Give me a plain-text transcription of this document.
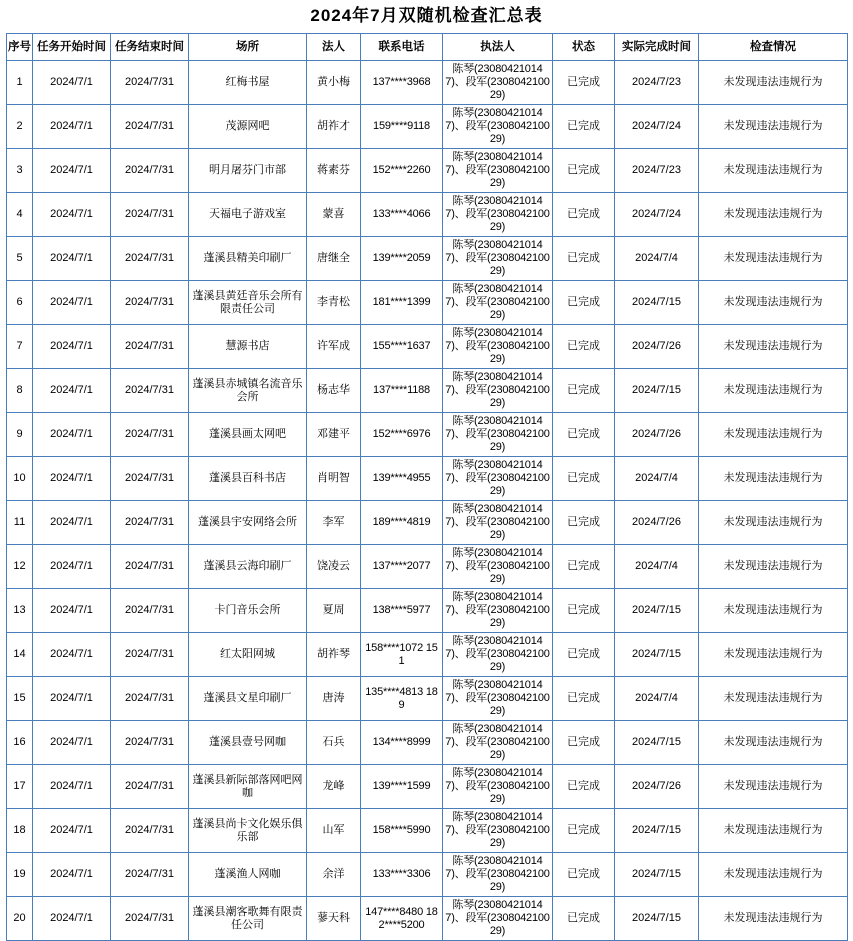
2024年7月双随机检查汇总表
序号	任务开始时间	任务结束时间	场所	法人	联系电话	执法人	状态	实际完成时间	检查情况
1	2024/7/1	2024/7/31	红梅书屋	黄小梅	137****3968	陈琴(230804210147)、段军(230804210029)	已完成	2024/7/23	未发现违法违规行为
2	2024/7/1	2024/7/31	茂源网吧	胡祚才	159****9118	陈琴(230804210147)、段军(230804210029)	已完成	2024/7/24	未发现违法违规行为
3	2024/7/1	2024/7/31	明月屠芬门市部	蒋素芬	152****2260	陈琴(230804210147)、段军(230804210029)	已完成	2024/7/23	未发现违法违规行为
4	2024/7/1	2024/7/31	天福电子游戏室	蒙喜	133****4066	陈琴(230804210147)、段军(230804210029)	已完成	2024/7/24	未发现违法违规行为
5	2024/7/1	2024/7/31	蓬溪县精美印刷厂	唐继全	139****2059	陈琴(230804210147)、段军(230804210029)	已完成	2024/7/4	未发现违法违规行为
6	2024/7/1	2024/7/31	蓬溪县黄廷音乐会所有限责任公司	李青松	181****1399	陈琴(230804210147)、段军(230804210029)	已完成	2024/7/15	未发现违法违规行为
7	2024/7/1	2024/7/31	慧源书店	许军成	155****1637	陈琴(230804210147)、段军(230804210029)	已完成	2024/7/26	未发现违法违规行为
8	2024/7/1	2024/7/31	蓬溪县赤城镇名流音乐会所	杨志华	137****1188	陈琴(230804210147)、段军(230804210029)	已完成	2024/7/15	未发现违法违规行为
9	2024/7/1	2024/7/31	蓬溪县画太网吧	邓建平	152****6976	陈琴(230804210147)、段军(230804210029)	已完成	2024/7/26	未发现违法违规行为
10	2024/7/1	2024/7/31	蓬溪县百科书店	肖明智	139****4955	陈琴(230804210147)、段军(230804210029)	已完成	2024/7/4	未发现违法违规行为
11	2024/7/1	2024/7/31	蓬溪县宇安网络会所	李军	189****4819	陈琴(230804210147)、段军(230804210029)	已完成	2024/7/26	未发现违法违规行为
12	2024/7/1	2024/7/31	蓬溪县云海印刷厂	饶凌云	137****2077	陈琴(230804210147)、段军(230804210029)	已完成	2024/7/4	未发现违法违规行为
13	2024/7/1	2024/7/31	卡门音乐会所	夏周	138****5977	陈琴(230804210147)、段军(230804210029)	已完成	2024/7/15	未发现违法违规行为
14	2024/7/1	2024/7/31	红太阳网城	胡祚琴	158****1072 151	陈琴(230804210147)、段军(230804210029)	已完成	2024/7/15	未发现违法违规行为
15	2024/7/1	2024/7/31	蓬溪县文星印刷厂	唐涛	135****4813 189	陈琴(230804210147)、段军(230804210029)	已完成	2024/7/4	未发现违法违规行为
16	2024/7/1	2024/7/31	蓬溪县壹号网咖	石兵	134****8999	陈琴(230804210147)、段军(230804210029)	已完成	2024/7/15	未发现违法违规行为
17	2024/7/1	2024/7/31	蓬溪县新际部落网吧网咖	龙峰	139****1599	陈琴(230804210147)、段军(230804210029)	已完成	2024/7/26	未发现违法违规行为
18	2024/7/1	2024/7/31	蓬溪县尚卡文化娱乐俱乐部	山军	158****5990	陈琴(230804210147)、段军(230804210029)	已完成	2024/7/15	未发现违法违规行为
19	2024/7/1	2024/7/31	蓬溪渔人网咖	余洋	133****3306	陈琴(230804210147)、段军(230804210029)	已完成	2024/7/15	未发现违法违规行为
20	2024/7/1	2024/7/31	蓬溪县潮客歌舞有限责任公司	蓼天科	147****8480 182****5200	陈琴(230804210147)、段军(230804210029)	已完成	2024/7/15	未发现违法违规行为
